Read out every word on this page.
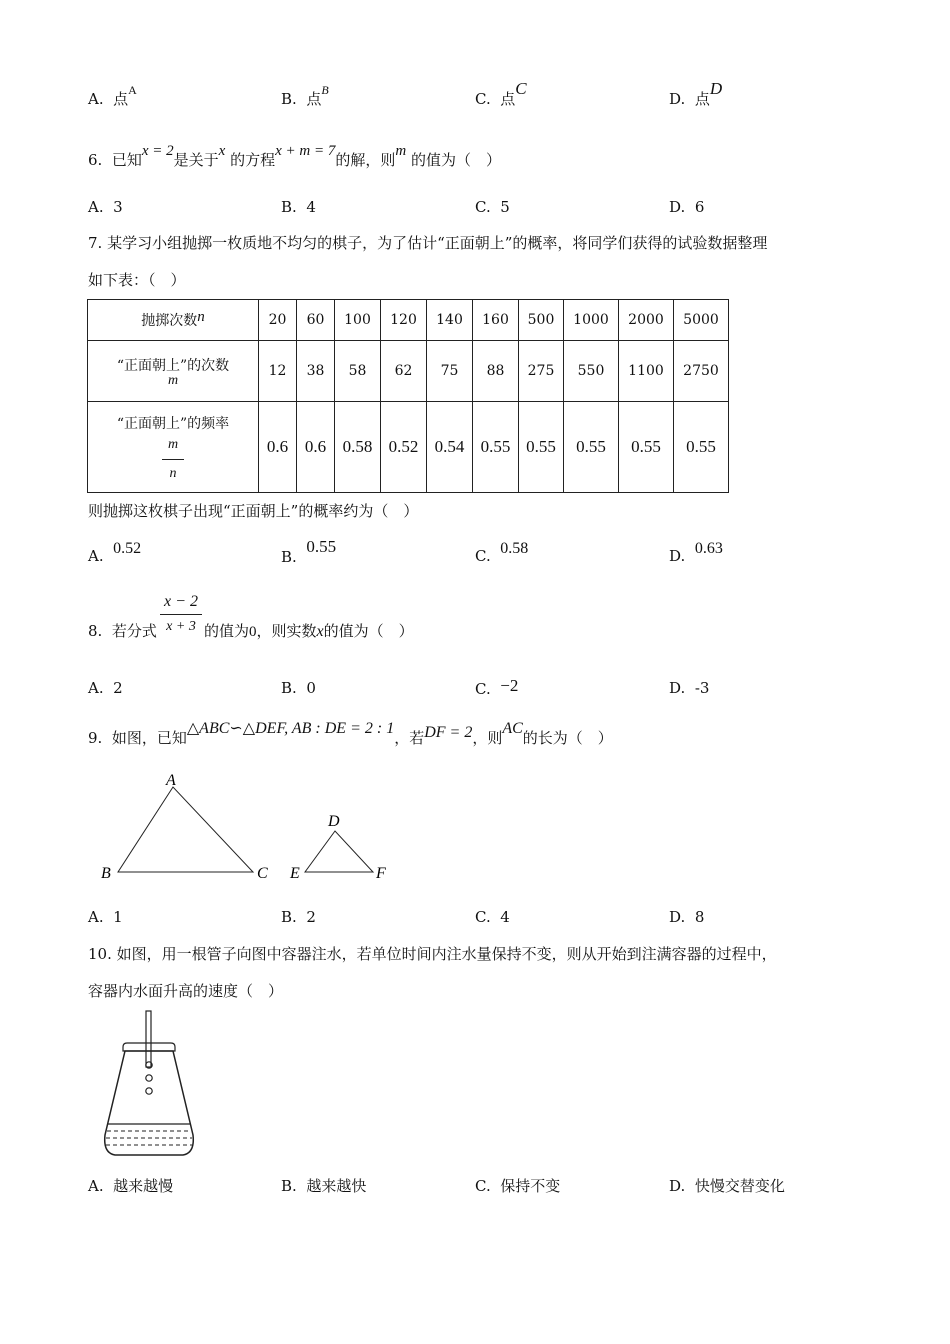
A. 点$^A$	B. 点$^B$	C. 点C
D. 点D
6. 已知x = 2是关于x 的方程x + m = 7的解，则m 的值为（　）
A. 3	B. 4	C. 5	D. 6
7. 某学习小组抛掷一枚质地不均匀的棋子，为了估计“正面朝上”的概率，将同学们获得的试验数据整理
如下表：（　）
抛掷次数n	20	60	100	120	140	160	500	1000	2000	5000

“正面朝上”的次数
m	12	38	58	62	75	88	275	550	1100	2750

“正面朝上”的频率
$\frac{m}{n}$	0.6	0.6	0.58	0.52	0.54	0.55	0.55	0.55	0.55	0.55
则抛掷这枚棋子出现“正面朝上”的概率约为（　）
A. 0.52	B.  0.55	C. 0.58	D. 0.63
8. 若分式
x − 2
x + 3 的值为0，则实数x的值为（　）
A. 2	B. 0	C. −2	D. -3
9. 如图，已知△ABC∽△DEF, AB : DE = 2 : 1，若DF = 2，则AC的长为（　）
A
B	C
D
E	F
A. 1	B. 2	C. 4	D. 8
10. 如图，用一根管子向图中容器注水，若单位时间内注水量保持不变，则从开始到注满容器的过程中，
容器内水面升高的速度（　）
A. 越来越慢	B. 越来越快	C. 保持不变	D. 快慢交替变化
